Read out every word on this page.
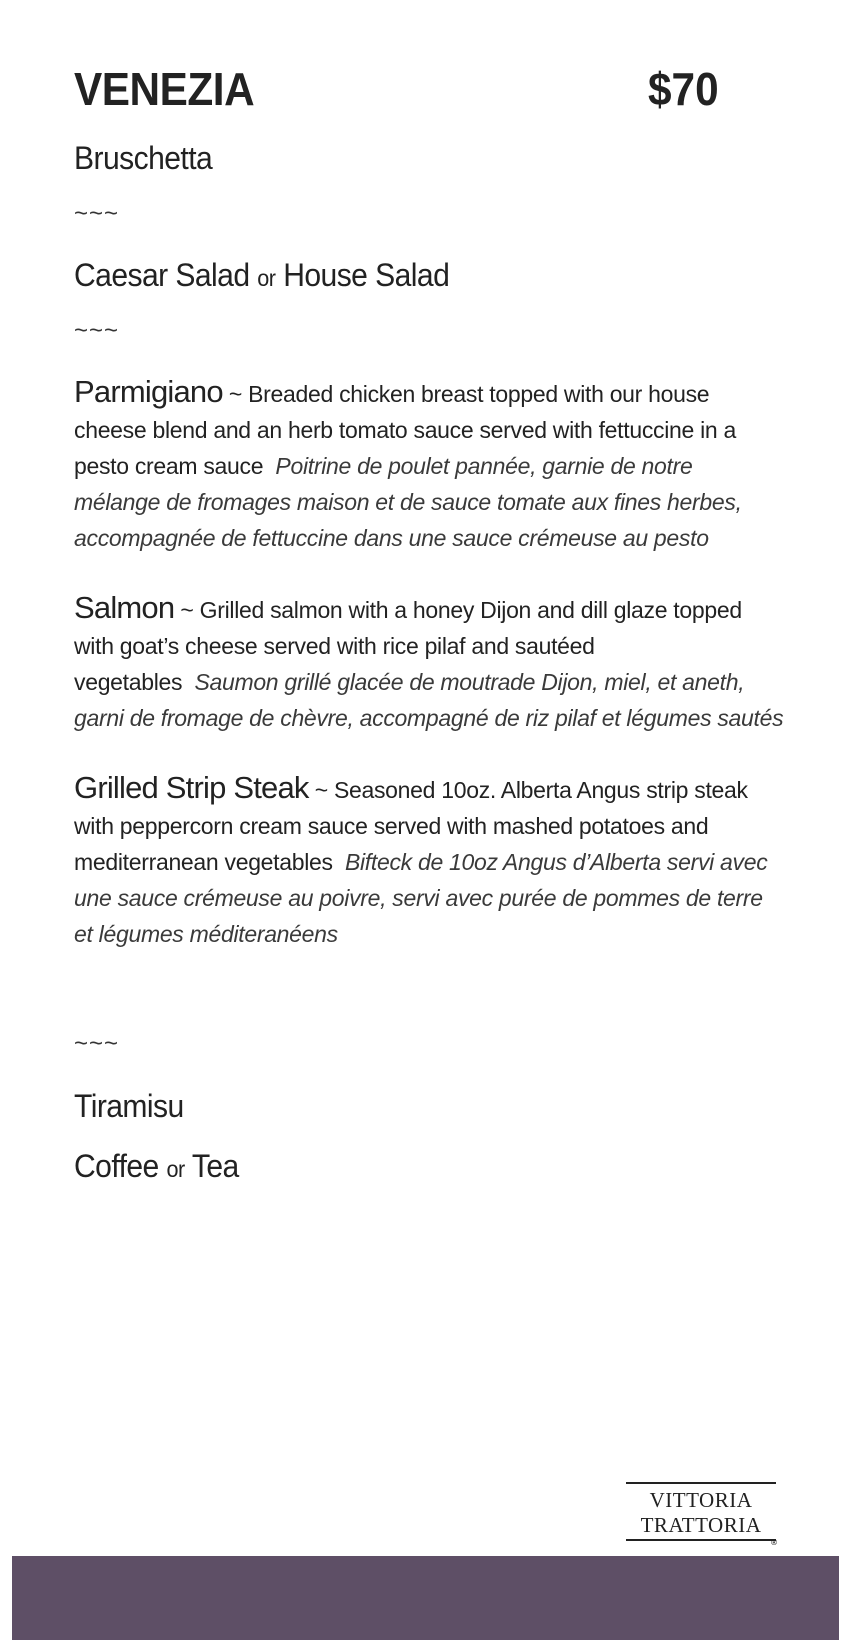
VENEZIA	$70
Bruschetta
~~~
Caesar Salad or House Salad
~~~
Parmigiano ~ Breaded chicken breast topped with our house cheese blend and an herb tomato sauce served with fettuccine in a pesto cream sauce Poitrine de poulet pannée, garnie de notre mélange de fromages maison et de sauce tomate aux fines herbes, accompagnée de fettuccine dans une sauce crémeuse au pesto
Salmon ~ Grilled salmon with a honey Dijon and dill glaze topped with goat’s cheese served with rice pilaf and sautéed vegetables Saumon grillé glacée de moutrade Dijon, miel, et aneth, garni de fromage de chèvre, accompagné de riz pilaf et légumes sautés
Grilled Strip Steak ~ Seasoned 10oz. Alberta Angus strip steak with peppercorn cream sauce served with mashed potatoes and mediterranean vegetables Bifteck de 10oz Angus d’Alberta servi avec une sauce crémeuse au poivre, servi avec purée de pommes de terre et légumes méditeranéens
~~~
Tiramisu
Coffee or Tea
VITTORIA
TRATTORIA
®
